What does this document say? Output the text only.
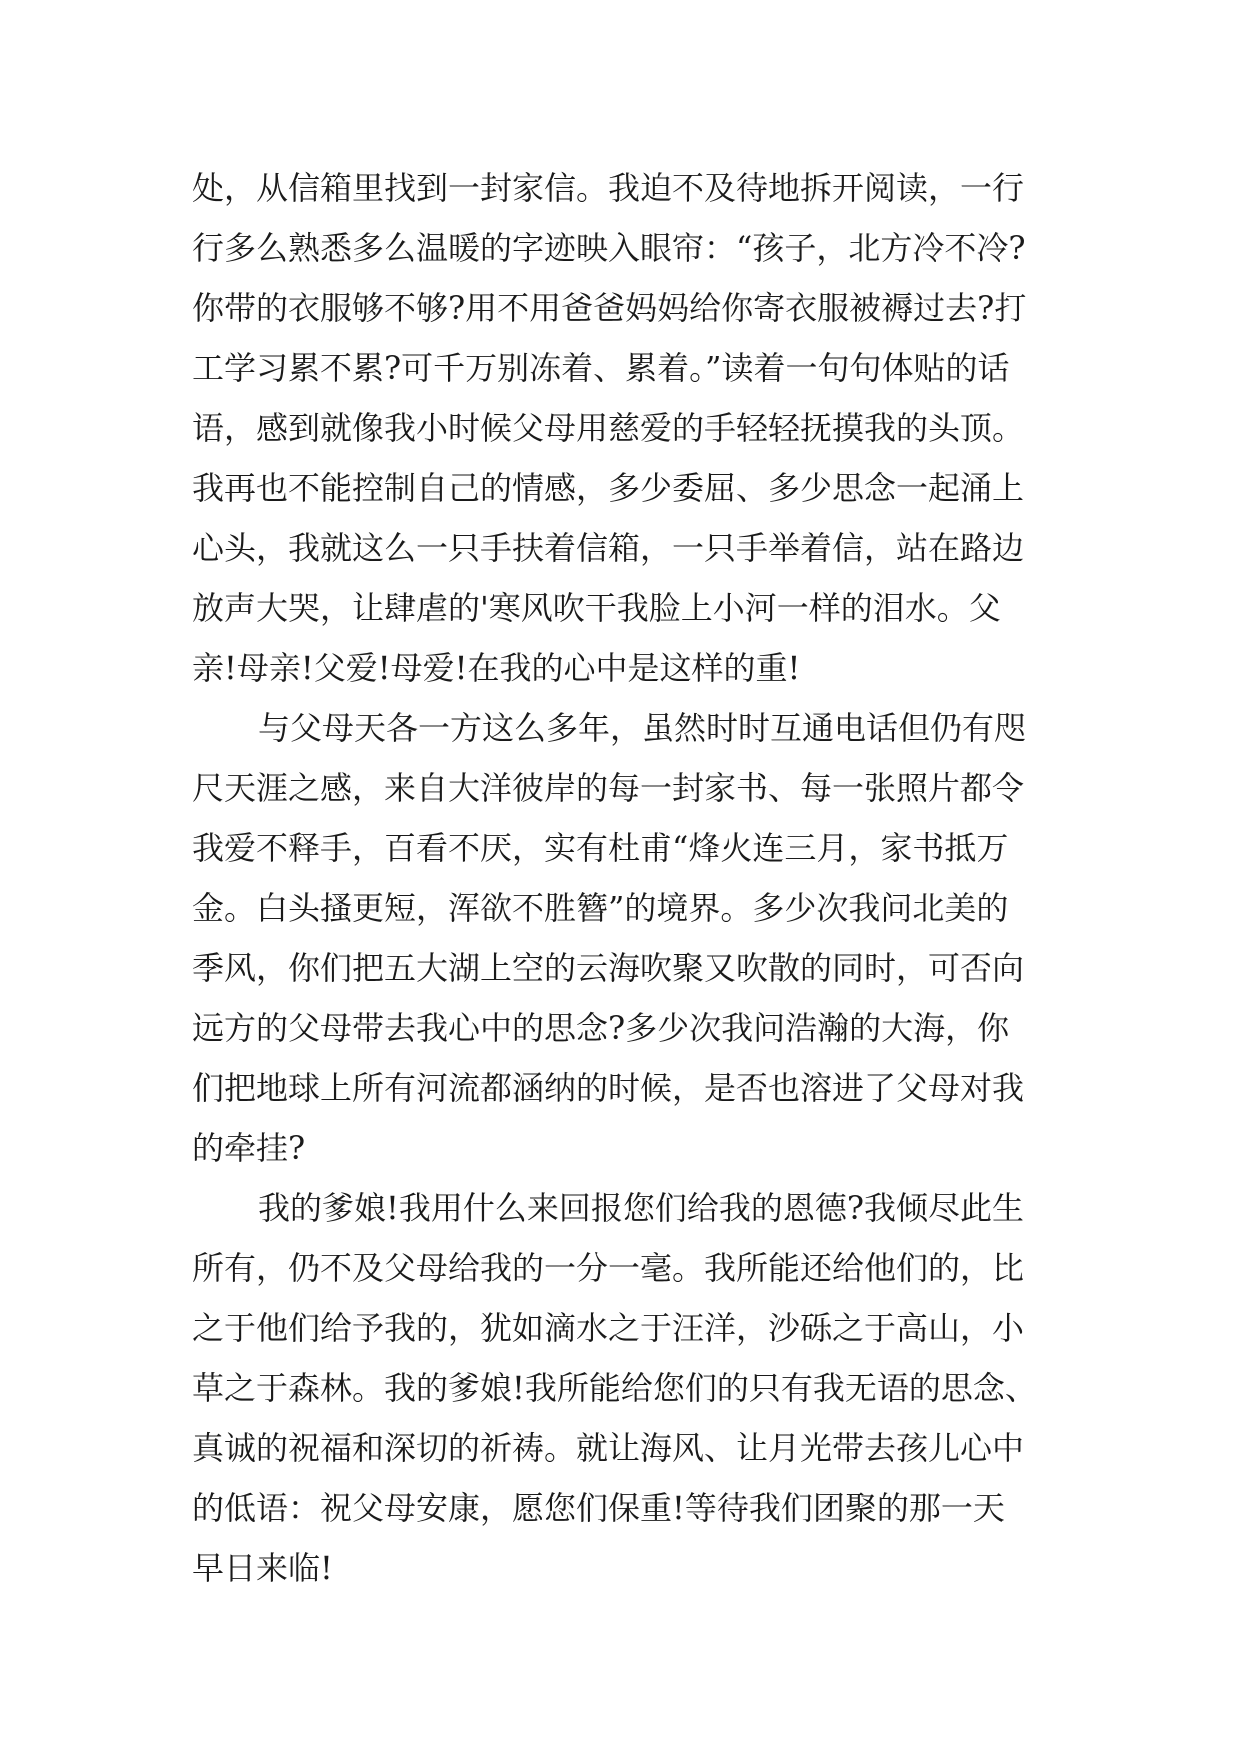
处，从信箱里找到一封家信。我迫不及待地拆开阅读，一行
行多么熟悉多么温暖的字迹映入眼帘：“孩子，北方冷不冷?
你带的衣服够不够?用不用爸爸妈妈给你寄衣服被褥过去?打
工学习累不累?可千万别冻着、累着。”读着一句句体贴的话
语，感到就像我小时候父母用慈爱的手轻轻抚摸我的头顶。
我再也不能控制自己的情感，多少委屈、多少思念一起涌上
心头，我就这么一只手扶着信箱，一只手举着信，站在路边
放声大哭，让肆虐的'寒风吹干我脸上小河一样的泪水。父
亲!母亲!父爱!母爱!在我的心中是这样的重!
与父母天各一方这么多年，虽然时时互通电话但仍有咫
尺天涯之感，来自大洋彼岸的每一封家书、每一张照片都令
我爱不释手，百看不厌，实有杜甫“烽火连三月，家书抵万
金。白头搔更短，浑欲不胜簪”的境界。多少次我问北美的
季风，你们把五大湖上空的云海吹聚又吹散的同时，可否向
远方的父母带去我心中的思念?多少次我问浩瀚的大海，你
们把地球上所有河流都涵纳的时候，是否也溶进了父母对我
的牵挂?
我的爹娘!我用什么来回报您们给我的恩德?我倾尽此生
所有，仍不及父母给我的一分一毫。我所能还给他们的，比
之于他们给予我的，犹如滴水之于汪洋，沙砾之于高山，小
草之于森林。我的爹娘!我所能给您们的只有我无语的思念、
真诚的祝福和深切的祈祷。就让海风、让月光带去孩儿心中
的低语：祝父母安康，愿您们保重!等待我们团聚的那一天
早日来临!
